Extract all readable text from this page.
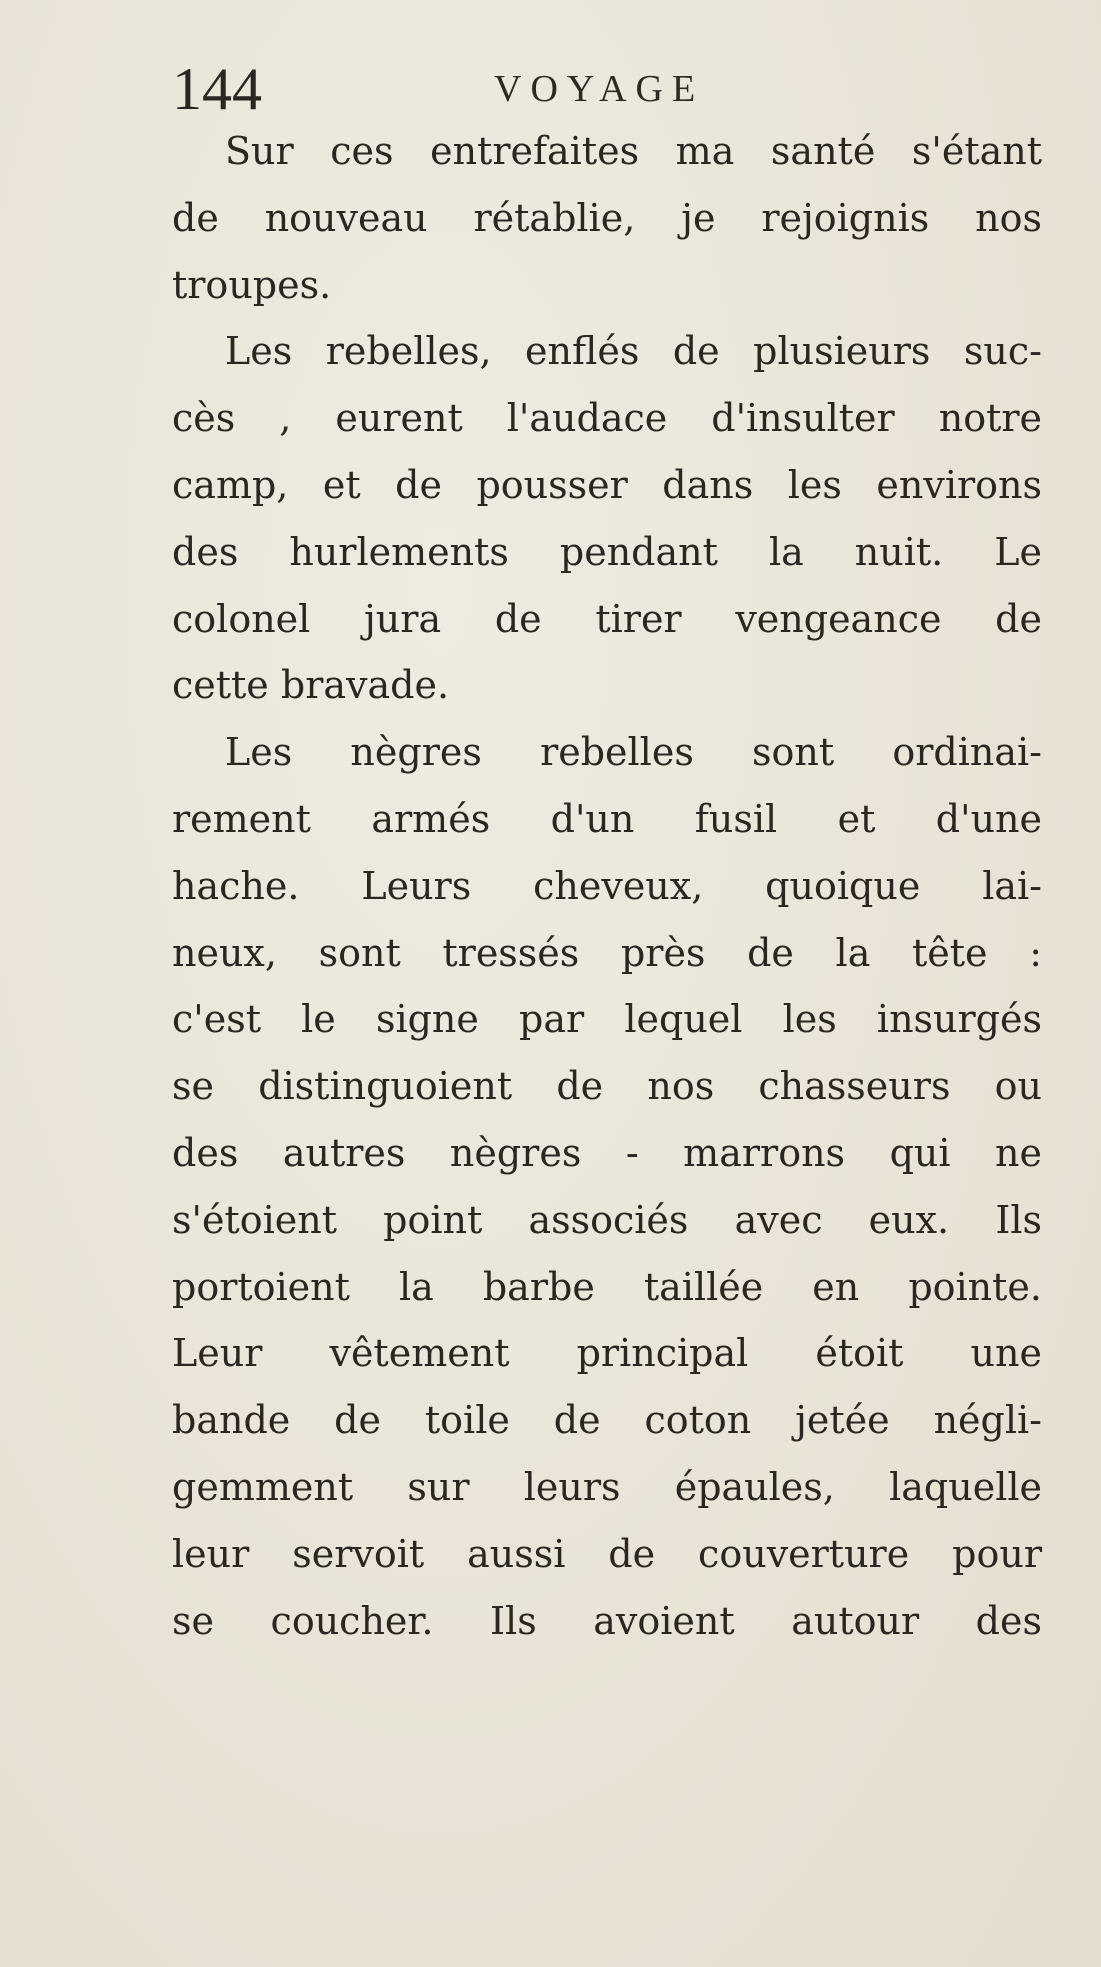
144	VOYAGE
Sur ces entrefaites ma santé s'étant
de nouveau rétablie, je rejoignis nos
troupes.
Les rebelles, enflés de plusieurs suc-
cès , eurent l'audace d'insulter notre
camp, et de pousser dans les environs
des hurlements pendant la nuit. Le
colonel jura de tirer vengeance de
cette bravade.
Les nègres rebelles sont ordinai-
rement armés d'un fusil et d'une
hache. Leurs cheveux, quoique lai-
neux, sont tressés près de la tête :
c'est le signe par lequel les insurgés
se distinguoient de nos chasseurs ou
des autres nègres - marrons qui ne
s'étoient point associés avec eux. Ils
portoient la barbe taillée en pointe.
Leur vêtement principal étoit une
bande de toile de coton jetée négli-
gemment sur leurs épaules, laquelle
leur servoit aussi de couverture pour
se coucher. Ils avoient autour des
